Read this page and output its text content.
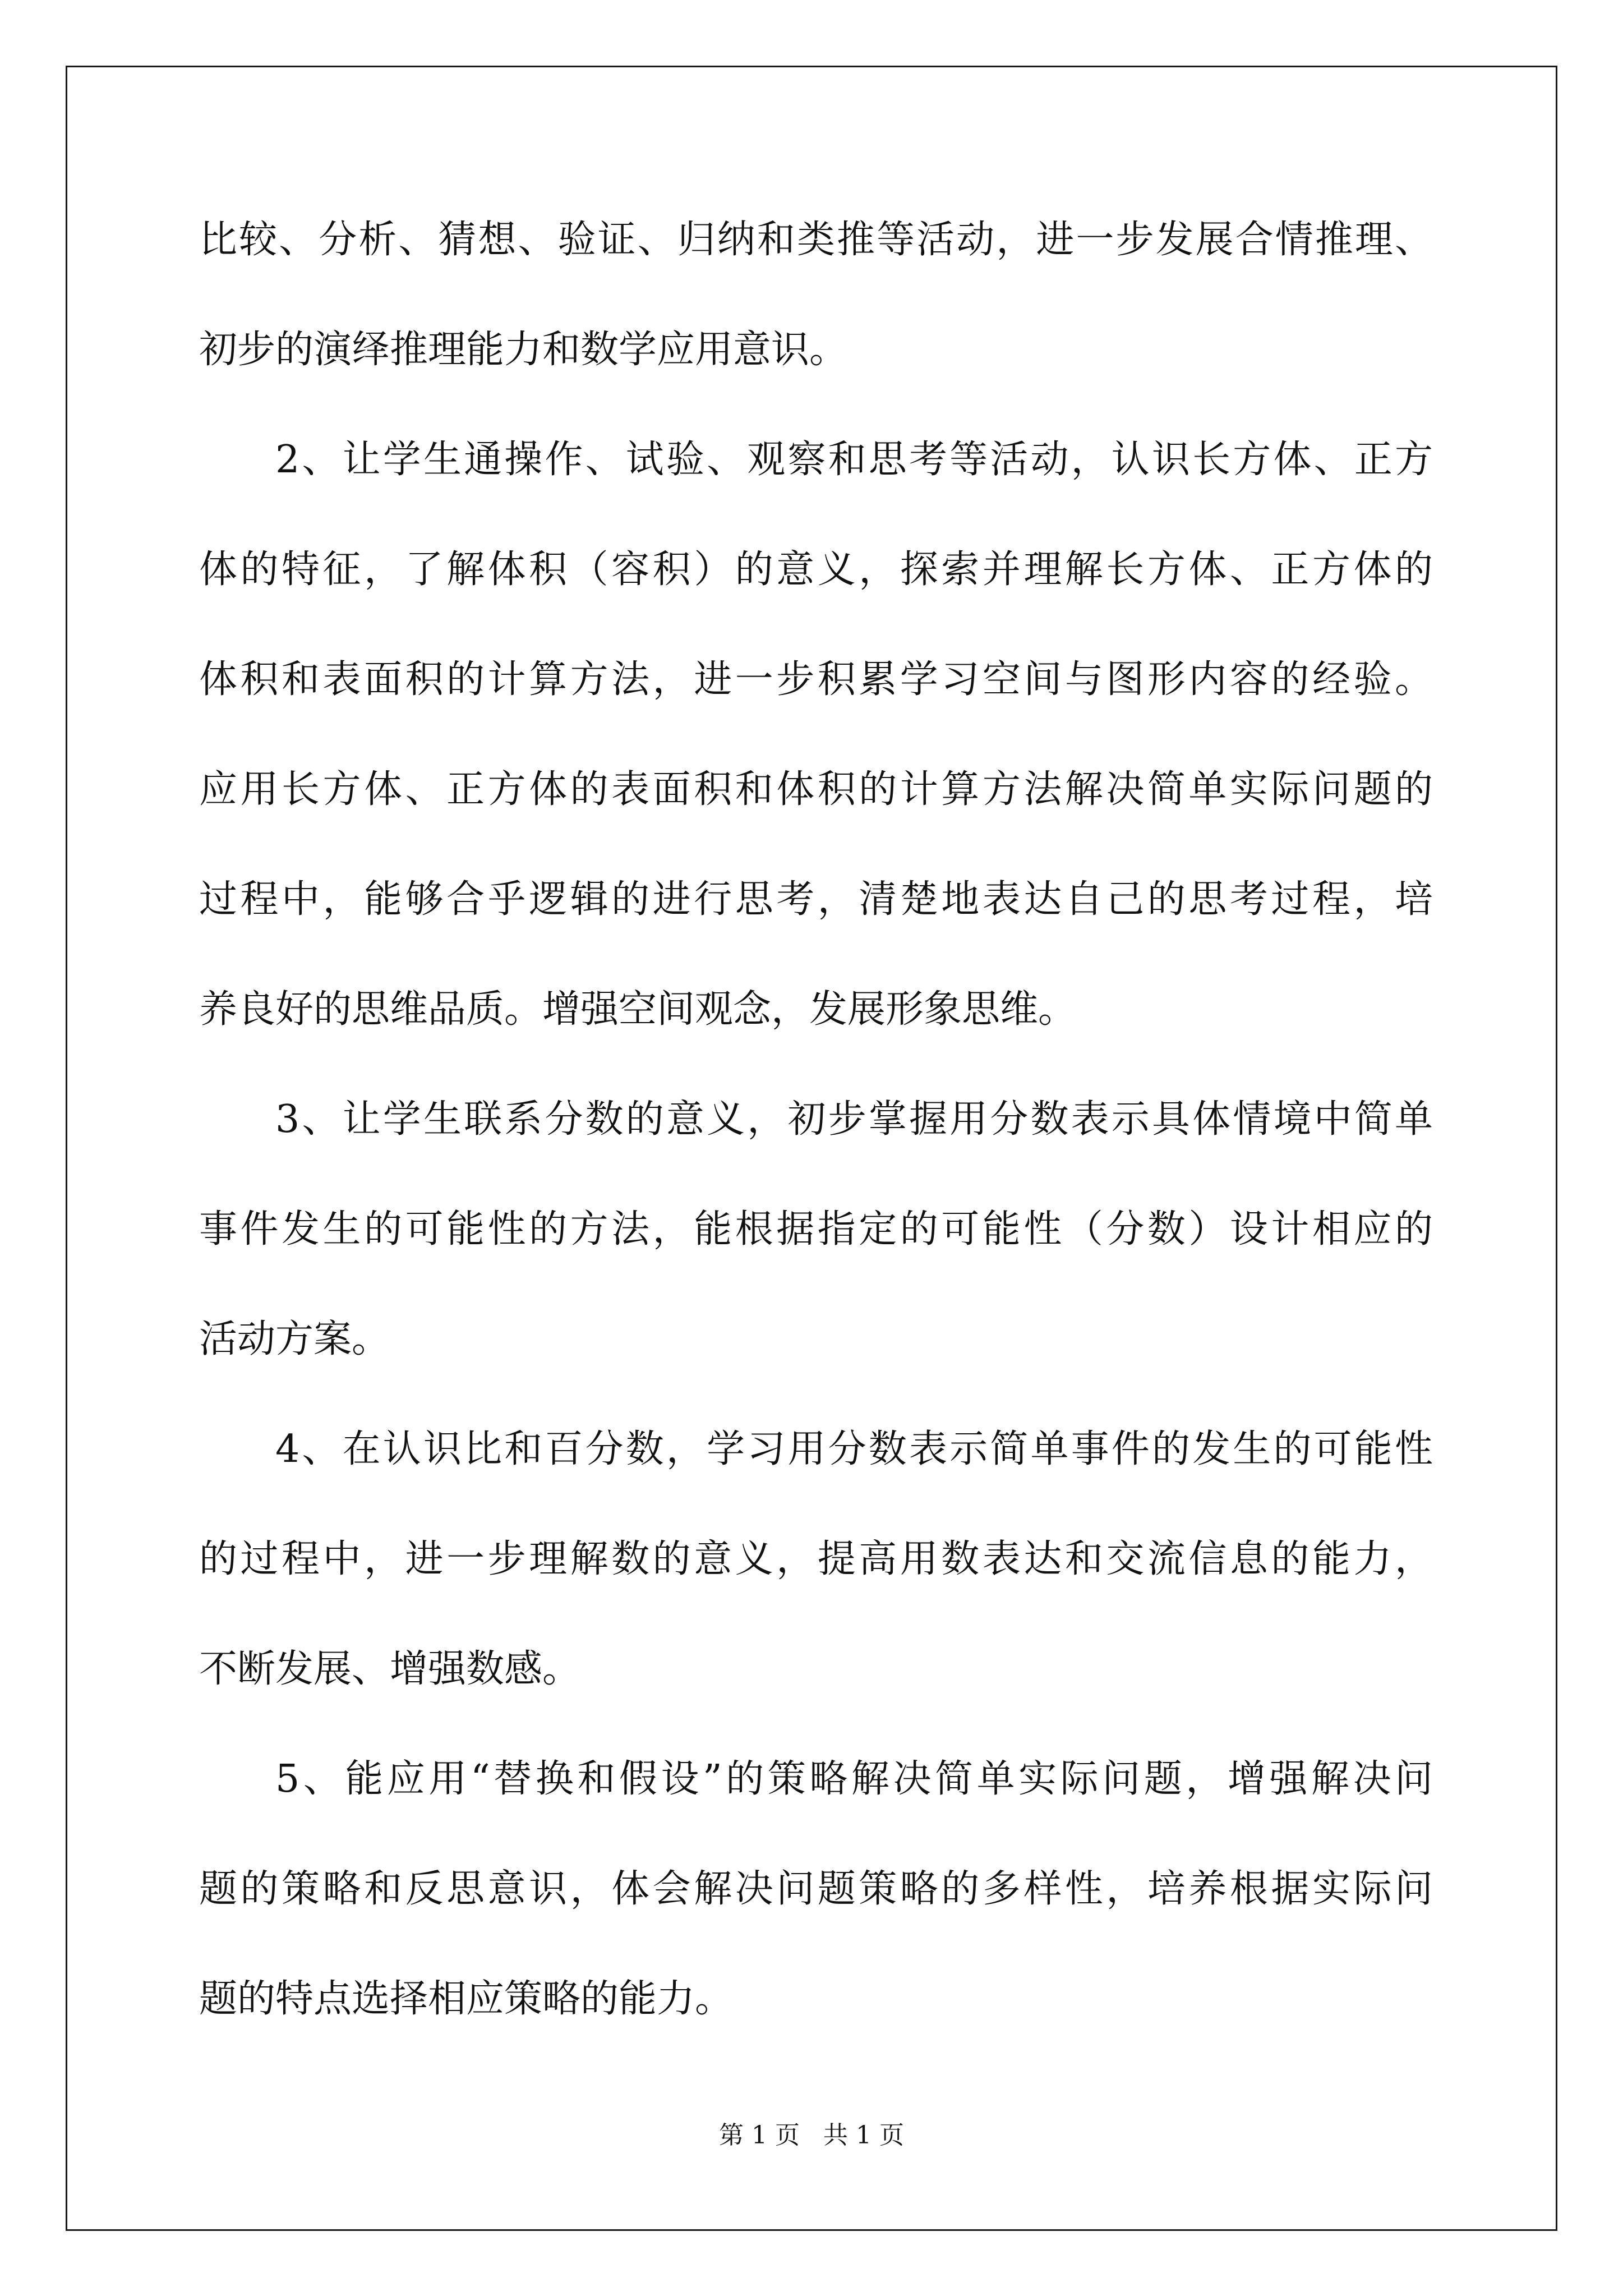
比较、分析、猜想、验证、归纳和类推等活动，进一步发展合情推理、
初步的演绎推理能力和数学应用意识。
2、让学生通操作、试验、观察和思考等活动，认识长方体、正方
体的特征，了解体积（容积）的意义，探索并理解长方体、正方体的
体积和表面积的计算方法，进一步积累学习空间与图形内容的经验。
应用长方体、正方体的表面积和体积的计算方法解决简单实际问题的
过程中，能够合乎逻辑的进行思考，清楚地表达自己的思考过程，培
养良好的思维品质。增强空间观念，发展形象思维。
3、让学生联系分数的意义，初步掌握用分数表示具体情境中简单
事件发生的可能性的方法，能根据指定的可能性（分数）设计相应的
活动方案。
4、在认识比和百分数，学习用分数表示简单事件的发生的可能性
的过程中，进一步理解数的意义，提高用数表达和交流信息的能力，
不断发展、增强数感。
5、能应用“替换和假设”的策略解决简单实际问题，增强解决问
题的策略和反思意识，体会解决问题策略的多样性，培养根据实际问
题的特点选择相应策略的能力。
第 1 页   共 1 页
